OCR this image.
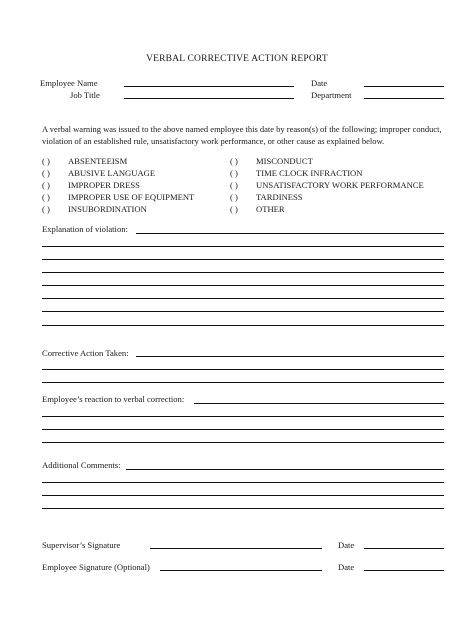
VERBAL CORRECTIVE ACTION REPORT
Employee Name	Date
Job Title	Department
A verbal warning was issued to the above named employee this date by reason(s) of the following; improper conduct, violation of an established rule, unsatisfactory work performance, or other cause as explained below.
( ) ABSENTEEISM
( ) ABUSIVE LANGUAGE
( ) IMPROPER DRESS
( ) IMPROPER USE OF EQUIPMENT
( ) INSUBORDINATION
( ) MISCONDUCT
( ) TIME CLOCK INFRACTION
( ) UNSATISFACTORY WORK PERFORMANCE
( ) TARDINESS
( ) OTHER
Explanation of violation:
Corrective Action Taken:
Employee’s reaction to verbal correction:
Additional Comments:
Supervisor’s Signature	Date
Employee Signature (Optional)	Date
